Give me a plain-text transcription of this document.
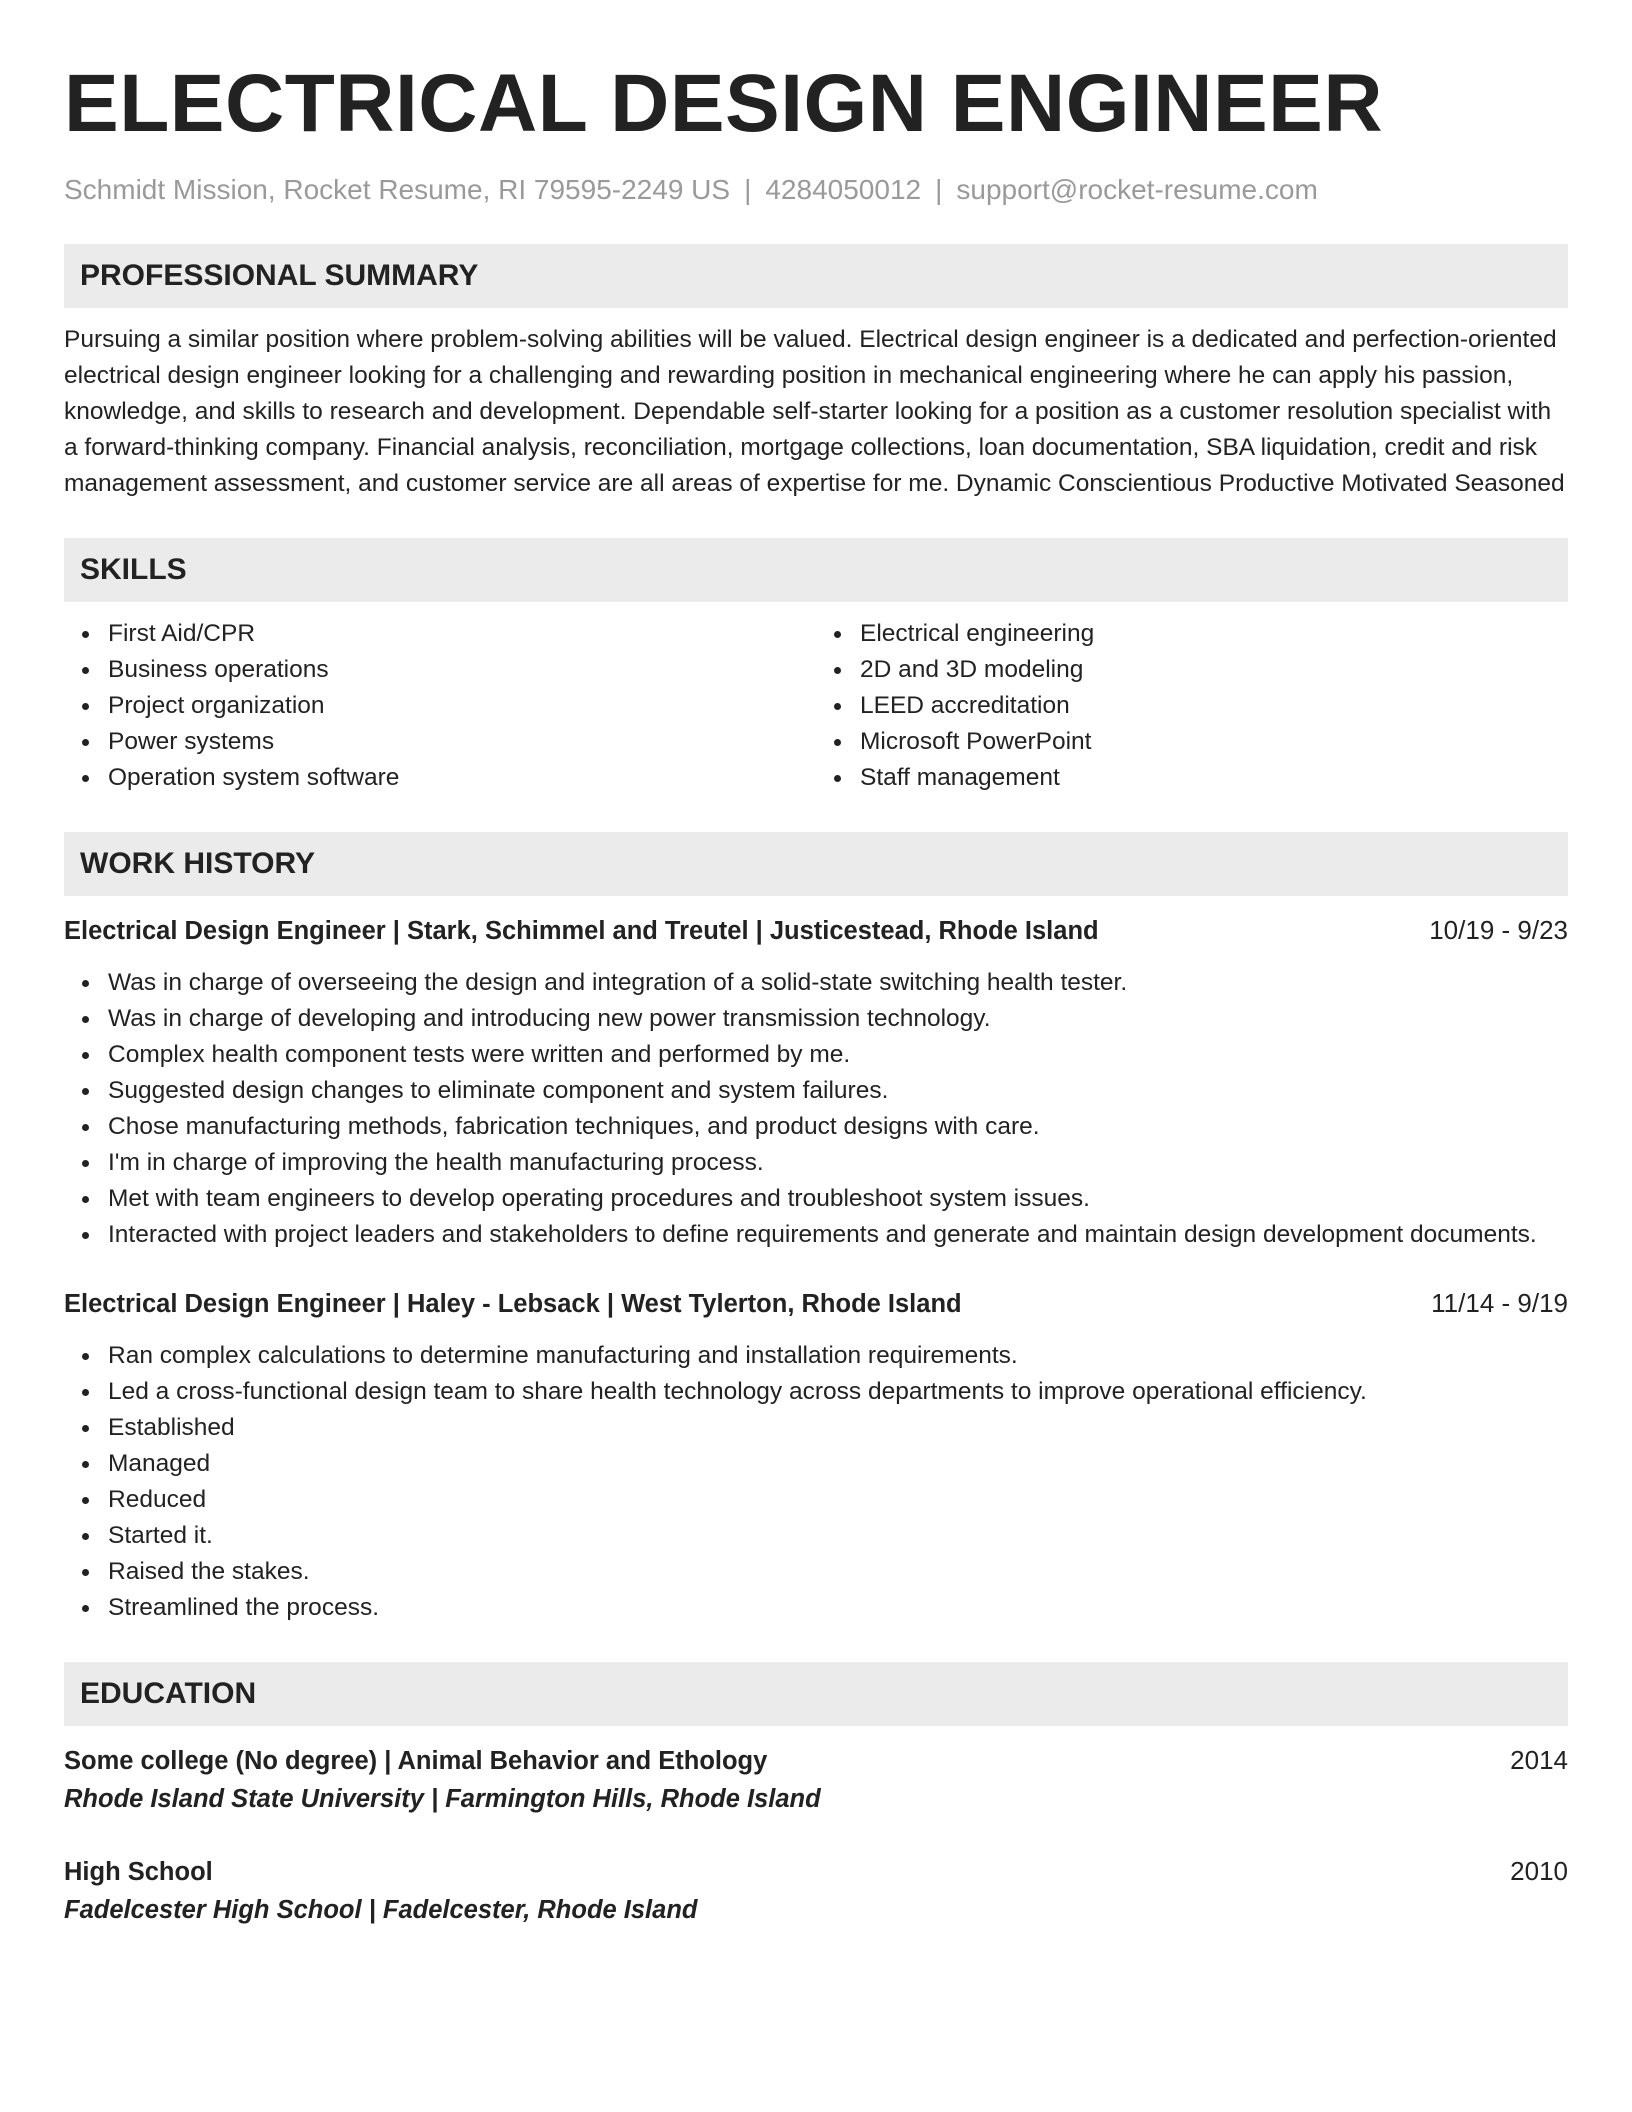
ELECTRICAL DESIGN ENGINEER
Schmidt Mission, Rocket Resume, RI 79595-2249 US | 4284050012 | support@rocket-resume.com
PROFESSIONAL SUMMARY
Pursuing a similar position where problem-solving abilities will be valued. Electrical design engineer is a dedicated and perfection-oriented electrical design engineer looking for a challenging and rewarding position in mechanical engineering where he can apply his passion, knowledge, and skills to research and development. Dependable self-starter looking for a position as a customer resolution specialist with a forward-thinking company. Financial analysis, reconciliation, mortgage collections, loan documentation, SBA liquidation, credit and risk management assessment, and customer service are all areas of expertise for me. Dynamic Conscientious Productive Motivated Seasoned
SKILLS
First Aid/CPR
Business operations
Project organization
Power systems
Operation system software
Electrical engineering
2D and 3D modeling
LEED accreditation
Microsoft PowerPoint
Staff management
WORK HISTORY
Electrical Design Engineer | Stark, Schimmel and Treutel | Justicestead, Rhode Island	10/19 - 9/23
Was in charge of overseeing the design and integration of a solid-state switching health tester.
Was in charge of developing and introducing new power transmission technology.
Complex health component tests were written and performed by me.
Suggested design changes to eliminate component and system failures.
Chose manufacturing methods, fabrication techniques, and product designs with care.
I'm in charge of improving the health manufacturing process.
Met with team engineers to develop operating procedures and troubleshoot system issues.
Interacted with project leaders and stakeholders to define requirements and generate and maintain design development documents.
Electrical Design Engineer | Haley - Lebsack | West Tylerton, Rhode Island	11/14 - 9/19
Ran complex calculations to determine manufacturing and installation requirements.
Led a cross-functional design team to share health technology across departments to improve operational efficiency.
Established
Managed
Reduced
Started it.
Raised the stakes.
Streamlined the process.
EDUCATION
Some college (No degree) | Animal Behavior and Ethology	2014
Rhode Island State University | Farmington Hills, Rhode Island
High School	2010
Fadelcester High School | Fadelcester, Rhode Island
